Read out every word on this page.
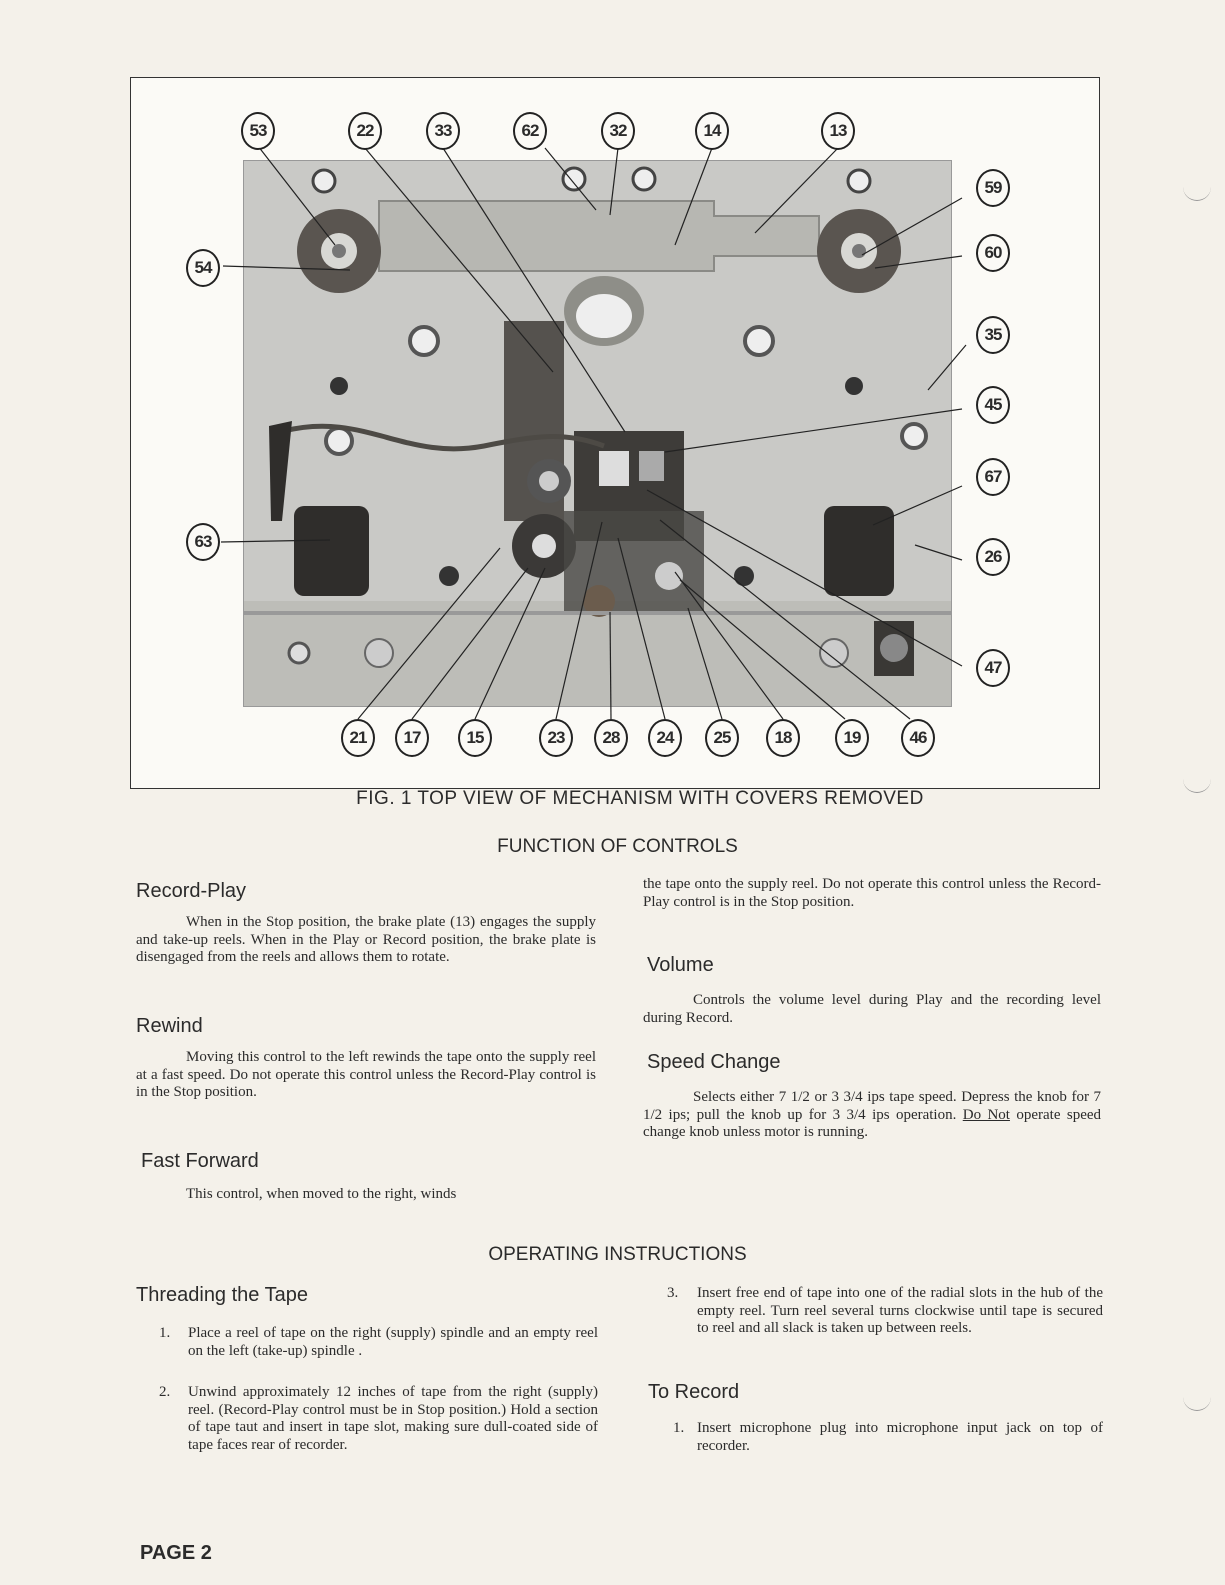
53	22	33	62	32	14	13
59
60
35
45
67
26
47
54
63
21	17	15	23	28	24	25	18	19	46
FIG. 1 TOP VIEW OF MECHANISM WITH COVERS REMOVED
FUNCTION OF CONTROLS
Record-Play
When in the Stop position, the brake plate (13) engages the supply and take-up reels. When in the Play or Record position, the brake plate is disengaged from the reels and allows them to rotate.
Rewind
Moving this control to the left rewinds the tape onto the supply reel at a fast speed. Do not operate this control unless the Record-Play control is in the Stop position.
Fast Forward
This control, when moved to the right, winds
the tape onto the supply reel. Do not operate this control unless the Record-Play control is in the Stop position.
Volume
Controls the volume level during Play and the recording level during Record.
Speed Change
Selects either 7 1/2 or 3 3/4 ips tape speed. Depress the knob for 7 1/2 ips; pull the knob up for 3 3/4 ips operation. Do Not operate speed change knob unless motor is running.
OPERATING INSTRUCTIONS
Threading the Tape
1. Place a reel of tape on the right (supply) spindle and an empty reel on the left (take-up) spindle .
2. Unwind approximately 12 inches of tape from the right (supply) reel. (Record-Play control must be in Stop position.) Hold a section of tape taut and insert in tape slot, making sure dull-coated side of tape faces rear of recorder.
3. Insert free end of tape into one of the radial slots in the hub of the empty reel. Turn reel several turns clockwise until tape is secured to reel and all slack is taken up between reels.
To Record
1. Insert microphone plug into microphone input jack on top of recorder.
PAGE 2
